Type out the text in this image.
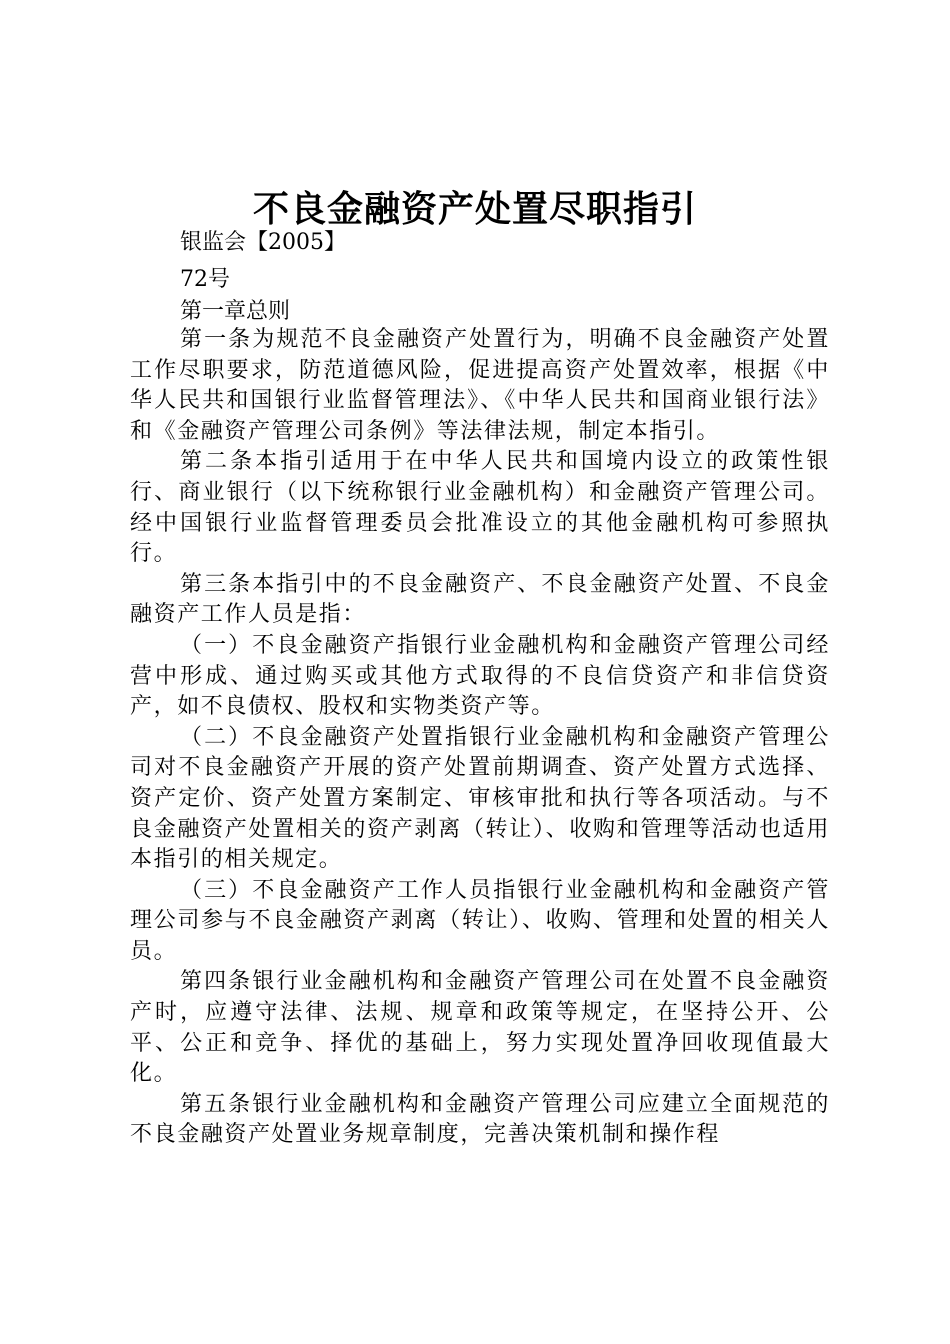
不良金融资产处置尽职指引
银监会【2005】
72号
第一章总则

第一条为规范不良金融资产处置行为，明确不良金融资产处置工作尽职要求，防范道德风险，促进提高资产处置效率，根据《中华人民共和国银行业监督管理法》、《中华人民共和国商业银行法》和《金融资产管理公司条例》等法律法规，制定本指引。

第二条本指引适用于在中华人民共和国境内设立的政策性银行、商业银行（以下统称银行业金融机构）和金融资产管理公司。经中国银行业监督管理委员会批准设立的其他金融机构可参照执行。

第三条本指引中的不良金融资产、不良金融资产处置、不良金融资产工作人员是指：

（一）不良金融资产指银行业金融机构和金融资产管理公司经营中形成、通过购买或其他方式取得的不良信贷资产和非信贷资产，如不良债权、股权和实物类资产等。

（二）不良金融资产处置指银行业金融机构和金融资产管理公司对不良金融资产开展的资产处置前期调查、资产处置方式选择、资产定价、资产处置方案制定、审核审批和执行等各项活动。与不良金融资产处置相关的资产剥离（转让）、收购和管理等活动也适用本指引的相关规定。

（三）不良金融资产工作人员指银行业金融机构和金融资产管理公司参与不良金融资产剥离（转让）、收购、管理和处置的相关人员。

第四条银行业金融机构和金融资产管理公司在处置不良金融资产时，应遵守法律、法规、规章和政策等规定，在坚持公开、公平、公正和竞争、择优的基础上，努力实现处置净回收现值最大化。

第五条银行业金融机构和金融资产管理公司应建立全面规范的不良金融资产处置业务规章制度，完善决策机制和操作程
